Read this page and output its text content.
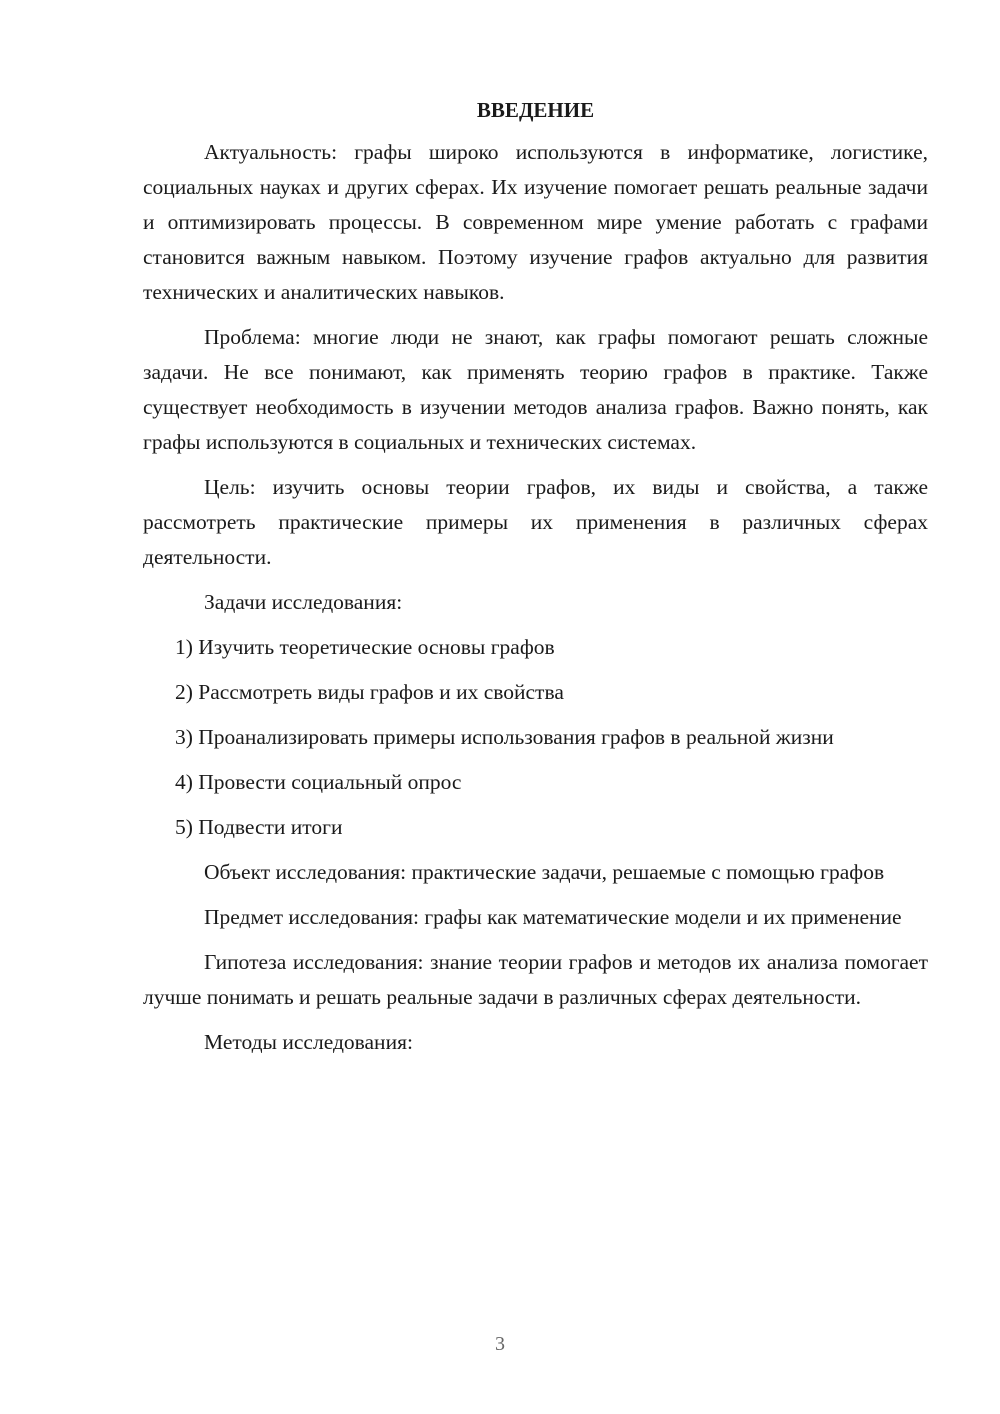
ВВЕДЕНИЕ

Актуальность: графы широко используются в информатике, логистике, социальных науках и других сферах. Их изучение помогает решать реальные задачи и оптимизировать процессы. В современном мире умение работать с графами становится важным навыком. Поэтому изучение графов актуально для развития технических и аналитических навыков.

Проблема: многие люди не знают, как графы помогают решать сложные задачи. Не все понимают, как применять теорию графов в практике. Также существует необходимость в изучении методов анализа графов. Важно понять, как графы используются в социальных и технических системах.

Цель: изучить основы теории графов, их виды и свойства, а также рассмотреть практические примеры их применения в различных сферах деятельности.

Задачи исследования:

1) Изучить теоретические основы графов

2) Рассмотреть виды графов и их свойства

3) Проанализировать примеры использования графов в реальной жизни

4) Провести социальный опрос

5) Подвести итоги

Объект исследования: практические задачи, решаемые с помощью графов

Предмет исследования: графы как математические модели и их применение

Гипотеза исследования: знание теории графов и методов их анализа помогает лучше понимать и решать реальные задачи в различных сферах деятельности.

Методы исследования:

3
